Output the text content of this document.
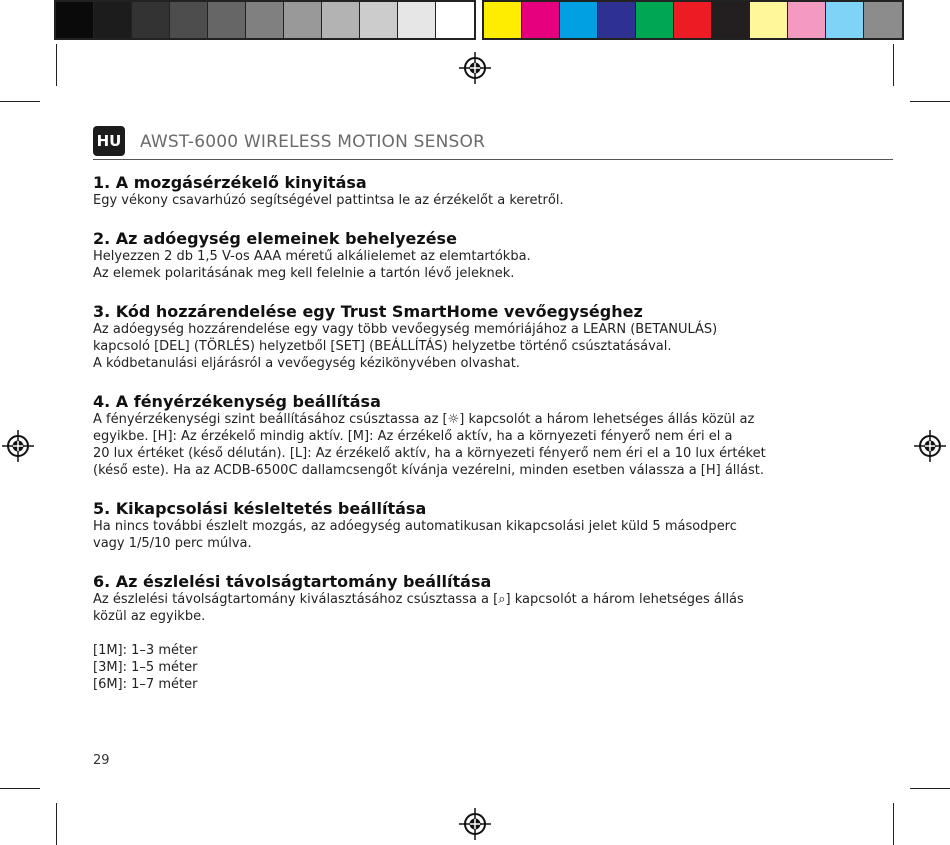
HU AWST-6000 WIRELESS MOTION SENSOR
1. A mozgásérzékelő kinyitása
Egy vékony csavarhúzó segítségével pattintsa le az érzékelőt a keretről.
2. Az adóegység elemeinek behelyezése
Helyezzen 2 db 1,5 V-os AAA méretű alkálielemet az elemtartókba.
Az elemek polaritásának meg kell felelnie a tartón lévő jeleknek.
3. Kód hozzárendelése egy Trust SmartHome vevőegységhez
Az adóegység hozzárendelése egy vagy több vevőegység memóriájához a LEARN (BETANULÁS)
kapcsoló [DEL] (TÖRLÉS) helyzetből [SET] (BEÁLLÍTÁS) helyzetbe történő csúsztatásával.
A kódbetanulási eljárásról a vevőegység kézikönyvében olvashat.
4. A fényérzékenység beállítása
A fényérzékenységi szint beállításához csúsztassa az [☼] kapcsolót a három lehetséges állás közül az
egyikbe. [H]: Az érzékelő mindig aktív. [M]: Az érzékelő aktív, ha a környezeti fényerő nem éri el a
20 lux értéket (késő délután). [L]: Az érzékelő aktív, ha a környezeti fényerő nem éri el a 10 lux értéket
(késő este). Ha az ACDB-6500C dallamcsengőt kívánja vezérelni, minden esetben válassza a [H] állást.
5. Kikapcsolási késleltetés beállítása
Ha nincs további észlelt mozgás, az adóegység automatikusan kikapcsolási jelet küld 5 másodperc
vagy 1/5/10 perc múlva.
6. Az észlelési távolságtartomány beállítása
Az észlelési távolságtartomány kiválasztásához csúsztassa a [⌕] kapcsolót a három lehetséges állás
közül az egyikbe.
[1M]: 1–3 méter
[3M]: 1–5 méter
[6M]: 1–7 méter
29
